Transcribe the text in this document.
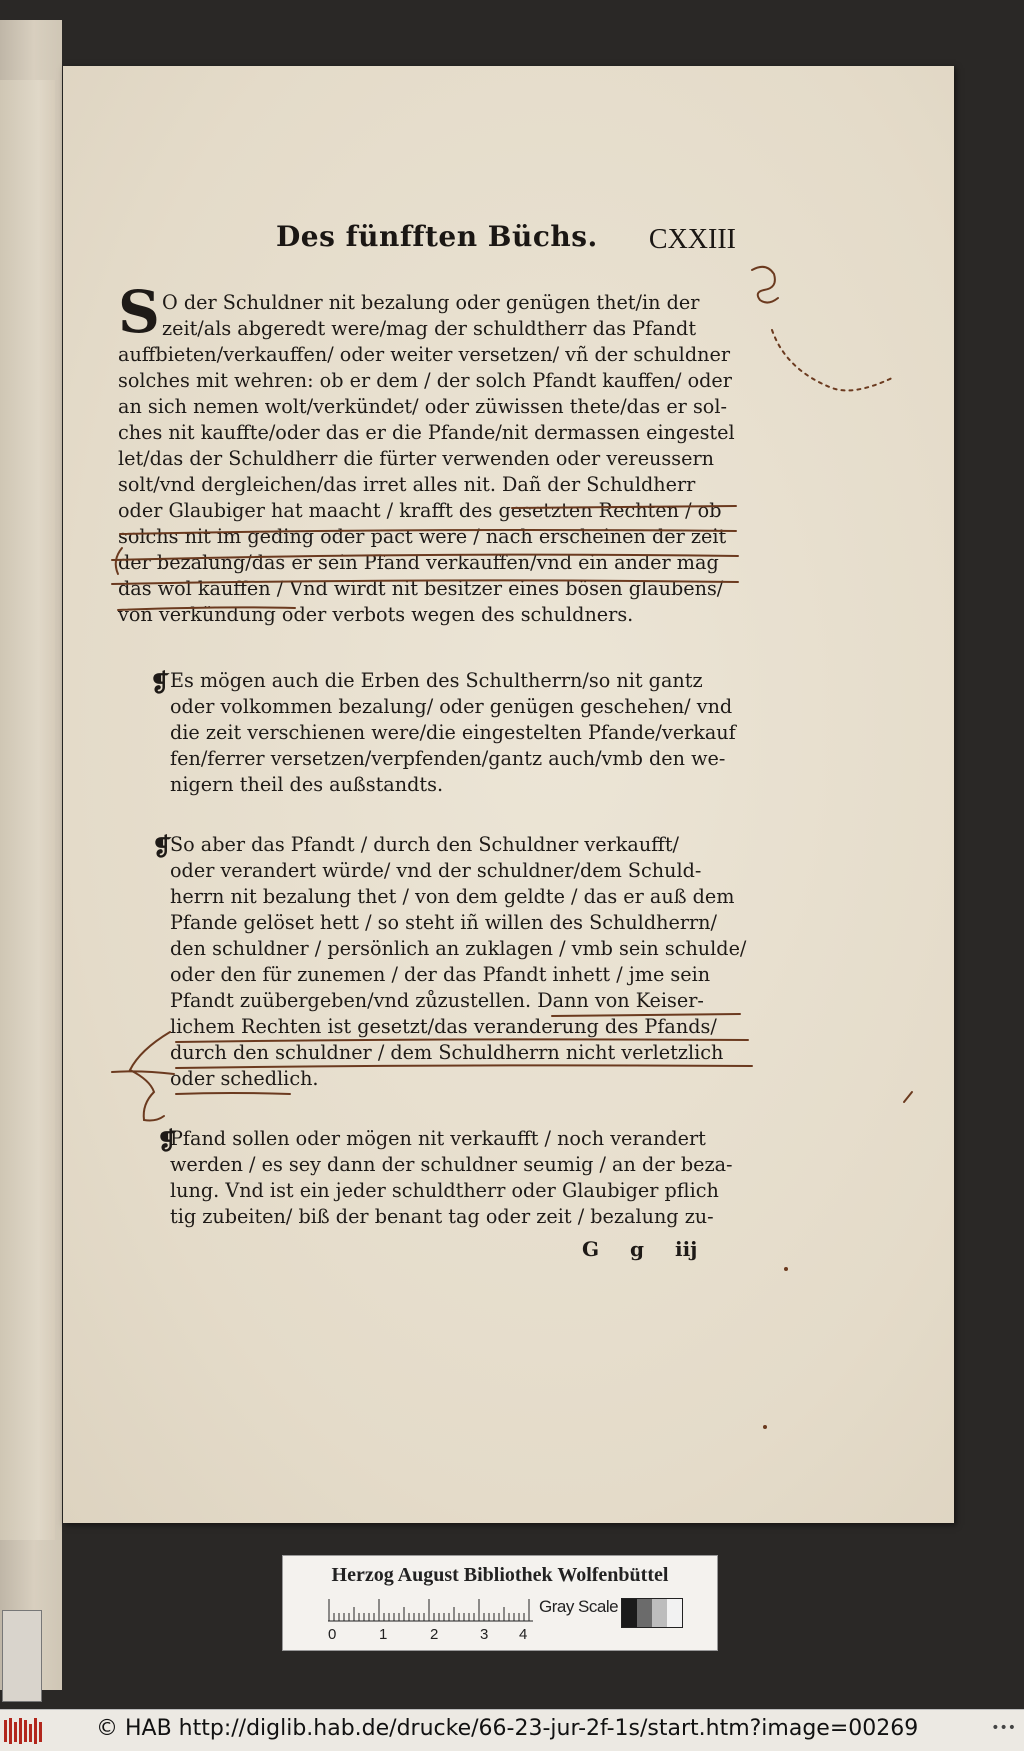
Des fünfften Büchs. CXXIII
S O der Schuldner nit bezalung oder genügen thet/in der
zeit/als abgeredt were/mag der schuldtherr das Pfandt
auffbieten/verkauffen/ oder weiter versetzen/ vñ der schuldner
solches mit wehren: ob er dem / der solch Pfandt kauffen/ oder
an sich nemen wolt/verkündet/ oder züwissen thete/das er sol-
ches nit kauffte/oder das er die Pfande/nit dermassen eingestel
let/das der Schuldherr die fürter verwenden oder vereussern
solt/vnd dergleichen/das irret alles nit. Dañ der Schuldherr
oder Glaubiger hat maacht / krafft des gesetzten Rechten / ob
solchs nit im geding oder pact were / nach erscheinen der zeit
der bezalung/das er sein Pfand verkauffen/vnd ein ander mag
das wol kauffen / Vnd wirdt nit besitzer eines bösen glaubens/
von verkündung oder verbots wegen des schuldners.
❡ Es mögen auch die Erben des Schultherrn/so nit gantz
oder volkommen bezalung/ oder genügen geschehen/ vnd
die zeit verschienen were/die eingestelten Pfande/verkauf
fen/ferrer versetzen/verpfenden/gantz auch/vmb den we-
nigern theil des außstandts.
❡
So aber das Pfandt / durch den Schuldner verkaufft/
oder verandert würde/ vnd der schuldner/dem Schuld-
herrn nit bezalung thet / von dem geldte / das er auß dem
Pfande gelöset hett / so steht iñ willen des Schuldherrn/
den schuldner / persönlich an zuklagen / vmb sein schulde/
oder den für zunemen / der das Pfandt inhett / jme sein
Pfandt zuübergeben/vnd zůzustellen. Dann von Keiser-
lichem Rechten ist gesetzt/das veranderung des Pfands/
durch den schuldner / dem Schuldherrn nicht verletzlich
oder schedlich.
❡
Pfand sollen oder mögen nit verkaufft / noch verandert
werden / es sey dann der schuldner seumig / an der beza-
lung. Vnd ist ein jeder schuldtherr oder Glaubiger pflich
tig zubeiten/ biß der benant tag oder zeit / bezalung zu-
G g iij
Herzog August Bibliothek Wolfenbüttel
0	1	2	3 4
Gray Scale
© HAB http://diglib.hab.de/drucke/66-23-jur-2f-1s/start.htm?image=00269	•••
